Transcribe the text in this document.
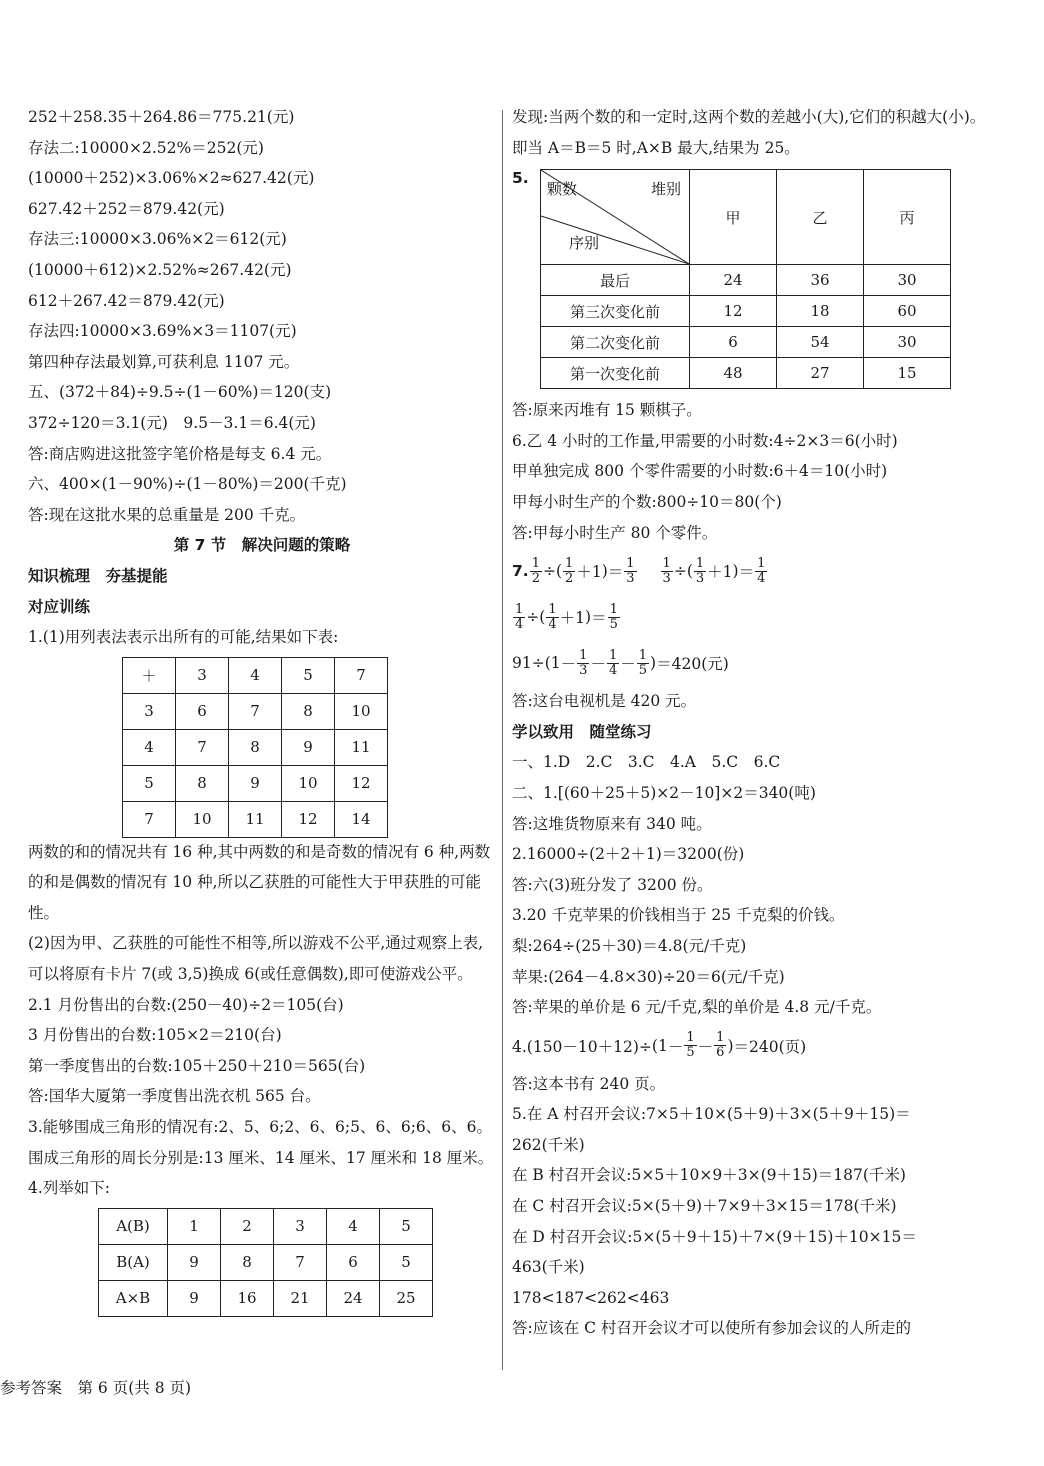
252＋258.35＋264.86＝775.21(元)
存法二:10000×2.52%＝252(元)
(10000＋252)×3.06%×2≈627.42(元)
627.42＋252＝879.42(元)
存法三:10000×3.06%×2＝612(元)
(10000＋612)×2.52%≈267.42(元)
612＋267.42＝879.42(元)
存法四:10000×3.69%×3＝1107(元)
第四种存法最划算,可获利息 1107 元。
五、(372＋84)÷9.5÷(1－60%)＝120(支)
372÷120＝3.1(元)　9.5－3.1＝6.4(元)
答:商店购进这批签字笔价格是每支 6.4 元。
六、400×(1－90%)÷(1－80%)＝200(千克)
答:现在这批水果的总重量是 200 千克。
第 7 节　解决问题的策略
知识梳理　夯基提能
对应训练
1.(1)用列表法表示出所有的可能,结果如下表:
＋	3	4	5	7
3	6	7	8	10
4	7	8	9	11
5	8	9	10	12
7	10	11	12	14
两数的和的情况共有 16 种,其中两数的和是奇数的情况有 6 种,两数的和是偶数的情况有 10 种,所以乙获胜的可能性大于甲获胜的可能性。
(2)因为甲、乙获胜的可能性不相等,所以游戏不公平,通过观察上表,可以将原有卡片 7(或 3,5)换成 6(或任意偶数),即可使游戏公平。
2.1 月份售出的台数:(250－40)÷2＝105(台)
3 月份售出的台数:105×2＝210(台)
第一季度售出的台数:105＋250＋210＝565(台)
答:国华大厦第一季度售出洗衣机 565 台。
3.能够围成三角形的情况有:2、5、6;2、6、6;5、6、6;6、6、6。
围成三角形的周长分别是:13 厘米、14 厘米、17 厘米和 18 厘米。
4.列举如下:
A(B)	1	2	3	4	5
B(A)	9	8	7	6	5
A×B	9	16	21	24	25
发现:当两个数的和一定时,这两个数的差越小(大),它们的积越大(小)。即当 A＝B＝5 时,A×B 最大,结果为 25。
5.
颗数 堆别
序别	甲	乙	丙
最后	24	36	30
第三次变化前	12	18	60
第二次变化前	6	54	30
第一次变化前	48	27	15
答:原来丙堆有 15 颗棋子。
6.乙 4 小时的工作量,甲需要的小时数:4÷2×3＝6(小时)
甲单独完成 800 个零件需要的小时数:6＋4＝10(小时)
甲每小时生产的个数:800÷10＝80(个)
答:甲每小时生产 80 个零件。
7. $\frac{1}{2}$ ÷ ( $\frac{1}{2} +1$ ) ＝ $\frac{1}{3} \frac{1}{3}$ ÷ ( $\frac{1}{3} +1$ ) ＝ $\frac{1}{4}$
$\frac{1}{4}$ ÷ ( $\frac{1}{4} +1$ ) ＝ $\frac{1}{5}$
91÷ ( $1 - \frac{1}{3} - \frac{1}{4} - \frac{1}{5}$ ) ＝420(元)
答:这台电视机是 420 元。
学以致用　随堂练习
一、1.D　2.C　3.C　4.A　5.C　6.C
二、1.[(60＋25＋5)×2－10]×2＝340(吨)
答:这堆货物原来有 340 吨。
2.16000÷(2＋2＋1)＝3200(份)
答:六(3)班分发了 3200 份。
3.20 千克苹果的价钱相当于 25 千克梨的价钱。
梨:264÷(25＋30)＝4.8(元/千克)
苹果:(264－4.8×30)÷20＝6(元/千克)
答:苹果的单价是 6 元/千克,梨的单价是 4.8 元/千克。
4.(150－10＋12)÷ ( $1 - \frac{1}{5} - \frac{1}{6}$ ) ＝240(页)
答:这本书有 240 页。
5.在 A 村召开会议:7×5＋10×(5＋9)＋3×(5＋9＋15)＝
262(千米)
在 B 村召开会议:5×5＋10×9＋3×(9＋15)＝187(千米)
在 C 村召开会议:5×(5＋9)＋7×9＋3×15＝178(千米)
在 D 村召开会议:5×(5＋9＋15)＋7×(9＋15)＋10×15＝
463(千米)
178<187<262<463
答:应该在 C 村召开会议才可以使所有参加会议的人所走的
参考答案　第 6 页(共 8 页)
